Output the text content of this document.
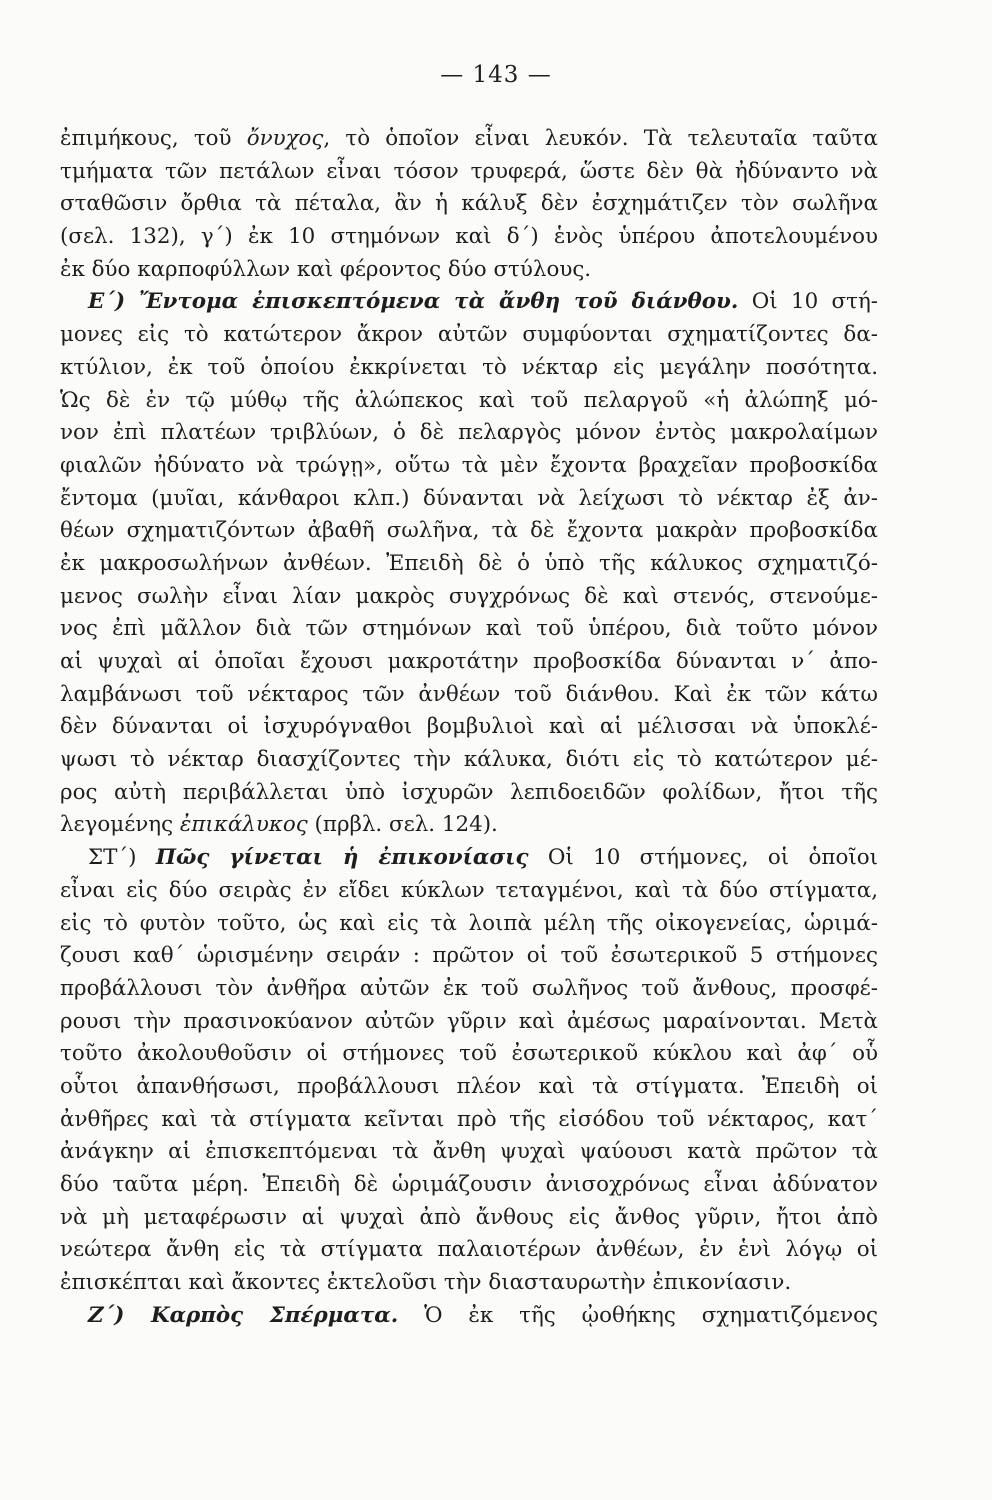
— 143 —
ἐπιμήκους, τοῦ ὄνυχος, τὸ ὁποῖον εἶναι λευκόν. Τὰ τελευταῖα ταῦτα
τμήματα τῶν πετάλων εἶναι τόσον τρυφερά, ὥστε δὲν θὰ ἠδύναντο νὰ
σταθῶσιν ὄρθια τὰ πέταλα, ἂν ἡ κάλυξ δὲν ἐσχημάτιζεν τὸν σωλῆνα
(σελ. 132), γ΄) ἐκ 10 στημόνων καὶ δ΄) ἑνὸς ὑπέρου ἀποτελουμένου
ἐκ δύο καρποφύλλων καὶ φέροντος δύο στύλους.
Ε΄) Ἔντομα ἐπισκεπτόμενα τὰ ἄνθη τοῦ διάνθου. Οἱ 10 στή-
μονες εἰς τὸ κατώτερον ἄκρον αὐτῶν συμφύονται σχηματίζοντες δα-
κτύλιον, ἐκ τοῦ ὁποίου ἐκκρίνεται τὸ νέκταρ εἰς μεγάλην ποσότητα.
Ὡς δὲ ἐν τῷ μύθῳ τῆς ἀλώπεκος καὶ τοῦ πελαργοῦ «ἡ ἀλώπηξ μό-
νον ἐπὶ πλατέων τριβλύων, ὁ δὲ πελαργὸς μόνον ἐντὸς μακρολαίμων
φιαλῶν ἠδύνατο νὰ τρώγῃ», οὕτω τὰ μὲν ἔχοντα βραχεῖαν προβοσκίδα
ἔντομα (μυῖαι, κάνθαροι κλπ.) δύνανται νὰ λείχωσι τὸ νέκταρ ἐξ ἀν-
θέων σχηματιζόντων ἀβαθῆ σωλῆνα, τὰ δὲ ἔχοντα μακρὰν προβοσκίδα
ἐκ μακροσωλήνων ἀνθέων. Ἐπειδὴ δὲ ὁ ὑπὸ τῆς κάλυκος σχηματιζό-
μενος σωλὴν εἶναι λίαν μακρὸς συγχρόνως δὲ καὶ στενός, στενούμε-
νος ἐπὶ μᾶλλον διὰ τῶν στημόνων καὶ τοῦ ὑπέρου, διὰ τοῦτο μόνον
αἱ ψυχαὶ αἱ ὁποῖαι ἔχουσι μακροτάτην προβοσκίδα δύνανται ν΄ ἀπο-
λαμβάνωσι τοῦ νέκταρος τῶν ἀνθέων τοῦ διάνθου. Καὶ ἐκ τῶν κάτω
δὲν δύνανται οἱ ἰσχυρόγναθοι βομβυλιοὶ καὶ αἱ μέλισσαι νὰ ὑποκλέ-
ψωσι τὸ νέκταρ διασχίζοντες τὴν κάλυκα, διότι εἰς τὸ κατώτερον μέ-
ρος αὐτὴ περιβάλλεται ὑπὸ ἰσχυρῶν λεπιδοειδῶν φολίδων, ἤτοι τῆς
λεγομένης ἐπικάλυκος (πρβλ. σελ. 124).
ΣΤ΄) Πῶς γίνεται ἡ ἐπικονίασις Οἱ 10 στήμονες, οἱ ὁποῖοι
εἶναι εἰς δύο σειρὰς ἐν εἴδει κύκλων τεταγμένοι, καὶ τὰ δύο στίγματα,
εἰς τὸ φυτὸν τοῦτο, ὡς καὶ εἰς τὰ λοιπὰ μέλη τῆς οἰκογενείας, ὡριμά-
ζουσι καθ΄ ὡρισμένην σειράν : πρῶτον οἱ τοῦ ἐσωτερικοῦ 5 στήμονες
προβάλλουσι τὸν ἀνθῆρα αὐτῶν ἐκ τοῦ σωλῆνος τοῦ ἄνθους, προσφέ-
ρουσι τὴν πρασινοκύανον αὐτῶν γῦριν καὶ ἀμέσως μαραίνονται. Μετὰ
τοῦτο ἀκολουθοῦσιν οἱ στήμονες τοῦ ἐσωτερικοῦ κύκλου καὶ ἀφ΄ οὗ
οὗτοι ἀπανθήσωσι, προβάλλουσι πλέον καὶ τὰ στίγματα. Ἐπειδὴ οἱ
ἀνθῆρες καὶ τὰ στίγματα κεῖνται πρὸ τῆς εἰσόδου τοῦ νέκταρος, κατ΄
ἀνάγκην αἱ ἐπισκεπτόμεναι τὰ ἄνθη ψυχαὶ ψαύουσι κατὰ πρῶτον τὰ
δύο ταῦτα μέρη. Ἐπειδὴ δὲ ὡριμάζουσιν ἀνισοχρόνως εἶναι ἀδύνατον
νὰ μὴ μεταφέρωσιν αἱ ψυχαὶ ἀπὸ ἄνθους εἰς ἄνθος γῦριν, ἤτοι ἀπὸ
νεώτερα ἄνθη εἰς τὰ στίγματα παλαιοτέρων ἀνθέων, ἐν ἑνὶ λόγῳ οἱ
ἐπισκέπται καὶ ἄκοντες ἐκτελοῦσι τὴν διασταυρωτὴν ἐπικονίασιν.
Ζ΄) Καρπὸς Σπέρματα. Ὁ ἐκ τῆς ᾠοθήκης σχηματιζόμενος
